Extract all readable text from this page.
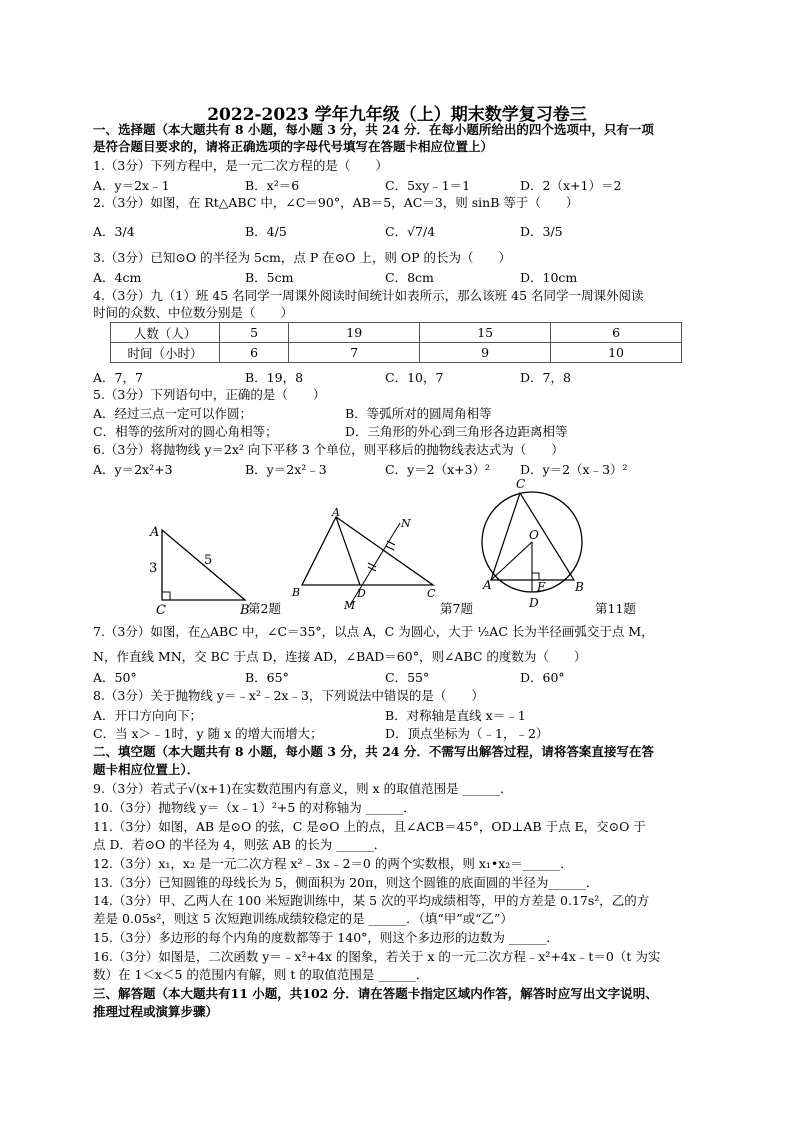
2022-2023 学年九年级（上）期末数学复习卷三
一、选择题（本大题共有 8 小题，每小题 3 分，共 24 分．在每小题所给出的四个选项中，只有一项
是符合题目要求的，请将正确选项的字母代号填写在答题卡相应位置上）
1.（3分）下列方程中，是一元二次方程的是（　　）
A．y＝2x﹣1	B．x²＝6	C．5xy﹣1＝1	D．2（x+1）＝2
2.（3分）如图，在 Rt△ABC 中，∠C＝90°，AB＝5，AC＝3，则 sinB 等于（　　）
A．3/4	B．4/5	C．√7/4	D．3/5
3.（3分）已知⊙O 的半径为 5cm，点 P 在⊙O 上，则 OP 的长为（　　）
A．4cm	B．5cm	C．8cm	D．10cm
4.（3分）九（1）班 45 名同学一周课外阅读时间统计如表所示，那么该班 45 名同学一周课外阅读
时间的众数、中位数分别是（　　）
人数（人）	5	19	15	6
时间（小时）	6	7	9	10
A．7，7	B．19，8	C．10，7	D．7，8
5.（3分）下列语句中，正确的是（　　）
A．经过三点一定可以作圆；	B．等弧所对的圆周角相等
C．相等的弦所对的圆心角相等；	D．三角形的外心到三角形各边距离相等
6.（3分）将抛物线 y＝2x² 向下平移 3 个单位，则平移后的抛物线表达式为（　　）
A．y＝2x²+3	B．y＝2x²﹣3	C．y＝2（x+3）² D．y＝2（x﹣3）²
A
3
5
C	B
第2题
A
N
B	D
M
C
第7题
C
O
A	E B
D	第11题
7.（3分）如图，在△ABC 中，∠C＝35°，以点 A，C 为圆心，大于 ½AC 长为半径画弧交于点 M，
N，作直线 MN，交 BC 于点 D，连接 AD，∠BAD＝60°，则∠ABC 的度数为（　　）
A．50°	B．65°	C．55°	D．60°
8.（3分）关于抛物线 y＝﹣x²﹣2x﹣3，下列说法中错误的是（　　）
A．开口方向向下；	B．对称轴是直线 x＝﹣1
C．当 x＞﹣1时，y 随 x 的增大而增大；	D．顶点坐标为（﹣1，﹣2）
二、填空题（本大题共有 8 小题，每小题 3 分，共 24 分．不需写出解答过程，请将答案直接写在答
题卡相应位置上）．
9.（3分）若式子√(x+1)在实数范围内有意义，则 x 的取值范围是 ______．
10.（3分）抛物线 y＝（x﹣1）²+5 的对称轴为 ______．
11.（3分）如图，AB 是⊙O 的弦，C 是⊙O 上的点，且∠ACB＝45°，OD⊥AB 于点 E，交⊙O 于
点 D．若⊙O 的半径为 4，则弦 AB 的长为 ______．
12.（3分）x₁，x₂ 是一元二次方程 x²﹣3x﹣2＝0 的两个实数根，则 x₁•x₂＝______．
13.（3分）已知圆锥的母线长为 5，侧面积为 20π，则这个圆锥的底面圆的半径为______．
14.（3分）甲、乙两人在 100 米短跑训练中，某 5 次的平均成绩相等，甲的方差是 0.17s²，乙的方
差是 0.05s²，则这 5 次短跑训练成绩较稳定的是 ______．（填“甲”或“乙”）
15.（3分）多边形的每个内角的度数都等于 140°，则这个多边形的边数为 ______．
16.（3分）如图是，二次函数 y＝﹣x²+4x 的图象，若关于 x 的一元二次方程﹣x²+4x﹣t＝0（t 为实
数）在 1＜x＜5 的范围内有解，则 t 的取值范围是 ______．
三、解答题（本大题共有11 小题，共102 分．请在答题卡指定区域内作答，解答时应写出文字说明、
推理过程或演算步骤）
